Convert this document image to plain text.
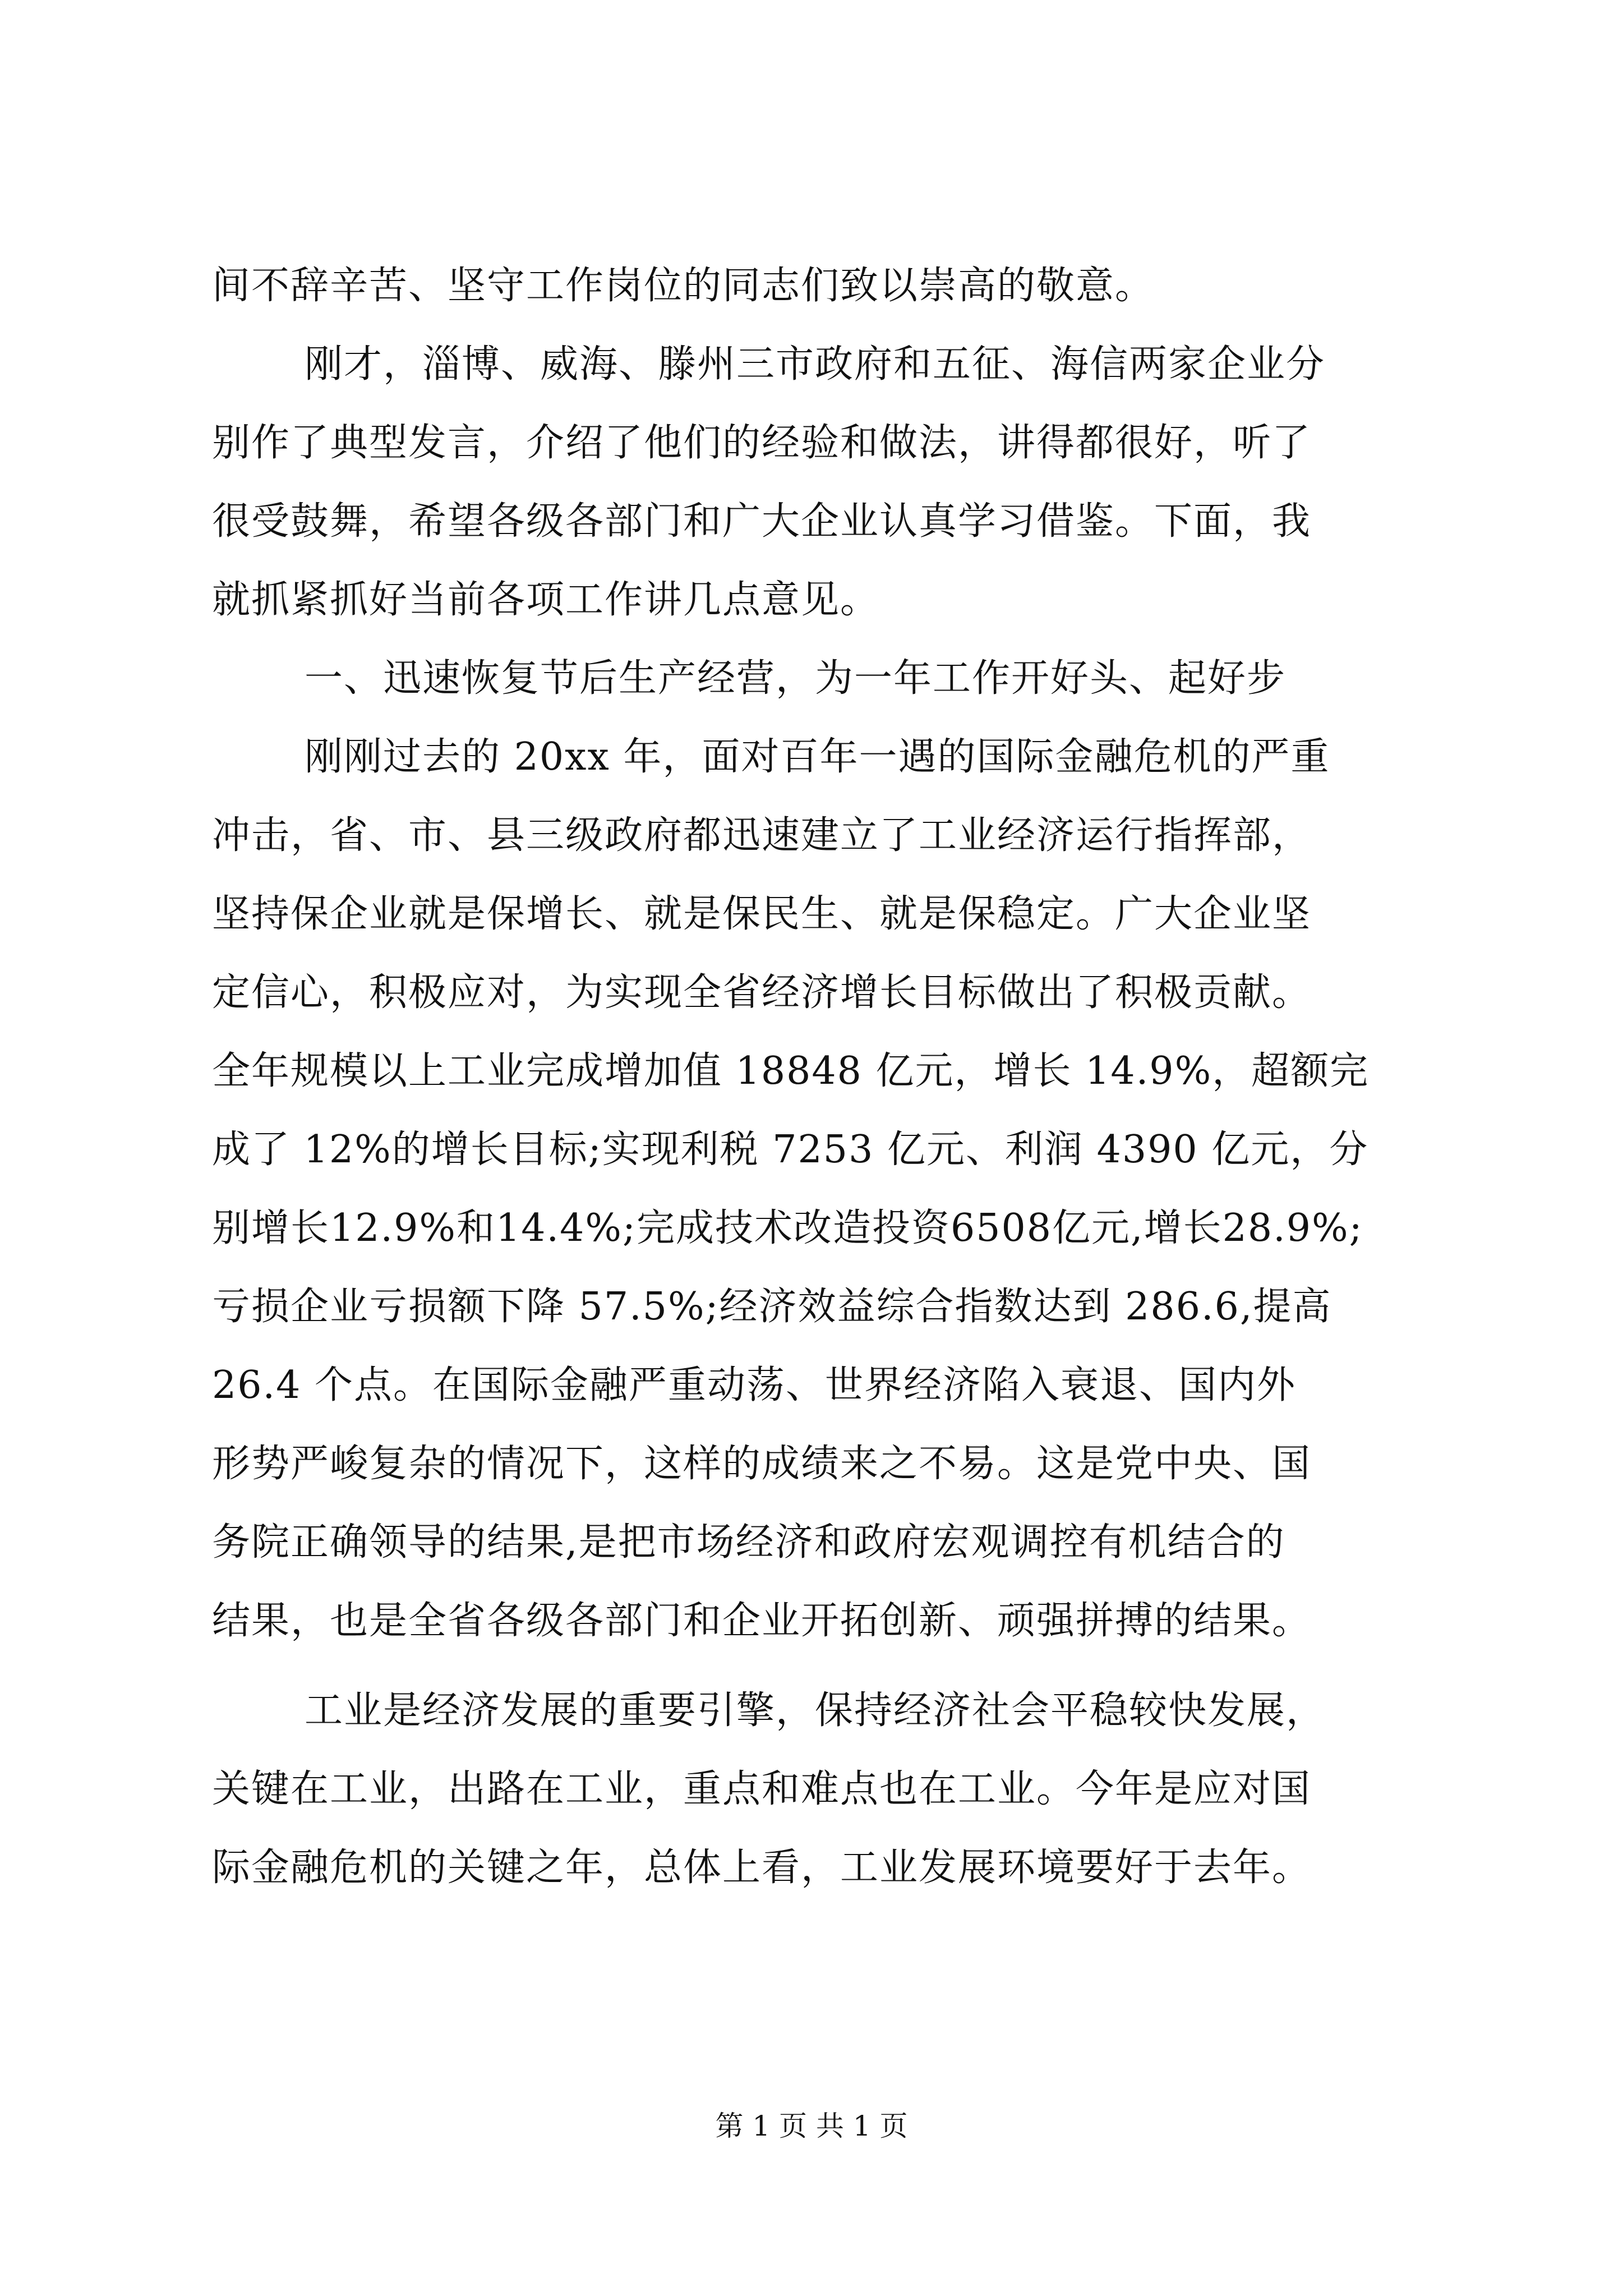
间不辞辛苦、坚守工作岗位的同志们致以崇高的敬意。
刚才，淄博、威海、滕州三市政府和五征、海信两家企业分
别作了典型发言，介绍了他们的经验和做法，讲得都很好，听了
很受鼓舞，希望各级各部门和广大企业认真学习借鉴。下面，我
就抓紧抓好当前各项工作讲几点意见。
一、迅速恢复节后生产经营，为一年工作开好头、起好步
刚刚过去的 20xx 年，面对百年一遇的国际金融危机的严重
冲击，省、市、县三级政府都迅速建立了工业经济运行指挥部，
坚持保企业就是保增长、就是保民生、就是保稳定。广大企业坚
定信心，积极应对，为实现全省经济增长目标做出了积极贡献。
全年规模以上工业完成增加值 18848 亿元，增长 14.9%，超额完
成了 12%的增长目标;实现利税 7253 亿元、利润 4390 亿元，分
别增长12.9%和14.4%;完成技术改造投资6508亿元,增长28.9%;
亏损企业亏损额下降 57.5%;经济效益综合指数达到 286.6,提高
26.4 个点。在国际金融严重动荡、世界经济陷入衰退、国内外
形势严峻复杂的情况下，这样的成绩来之不易。这是党中央、国
务院正确领导的结果,是把市场经济和政府宏观调控有机结合的
结果，也是全省各级各部门和企业开拓创新、顽强拼搏的结果。
工业是经济发展的重要引擎，保持经济社会平稳较快发展，
关键在工业，出路在工业，重点和难点也在工业。今年是应对国
际金融危机的关键之年，总体上看，工业发展环境要好于去年。
第 1 页 共 1 页
